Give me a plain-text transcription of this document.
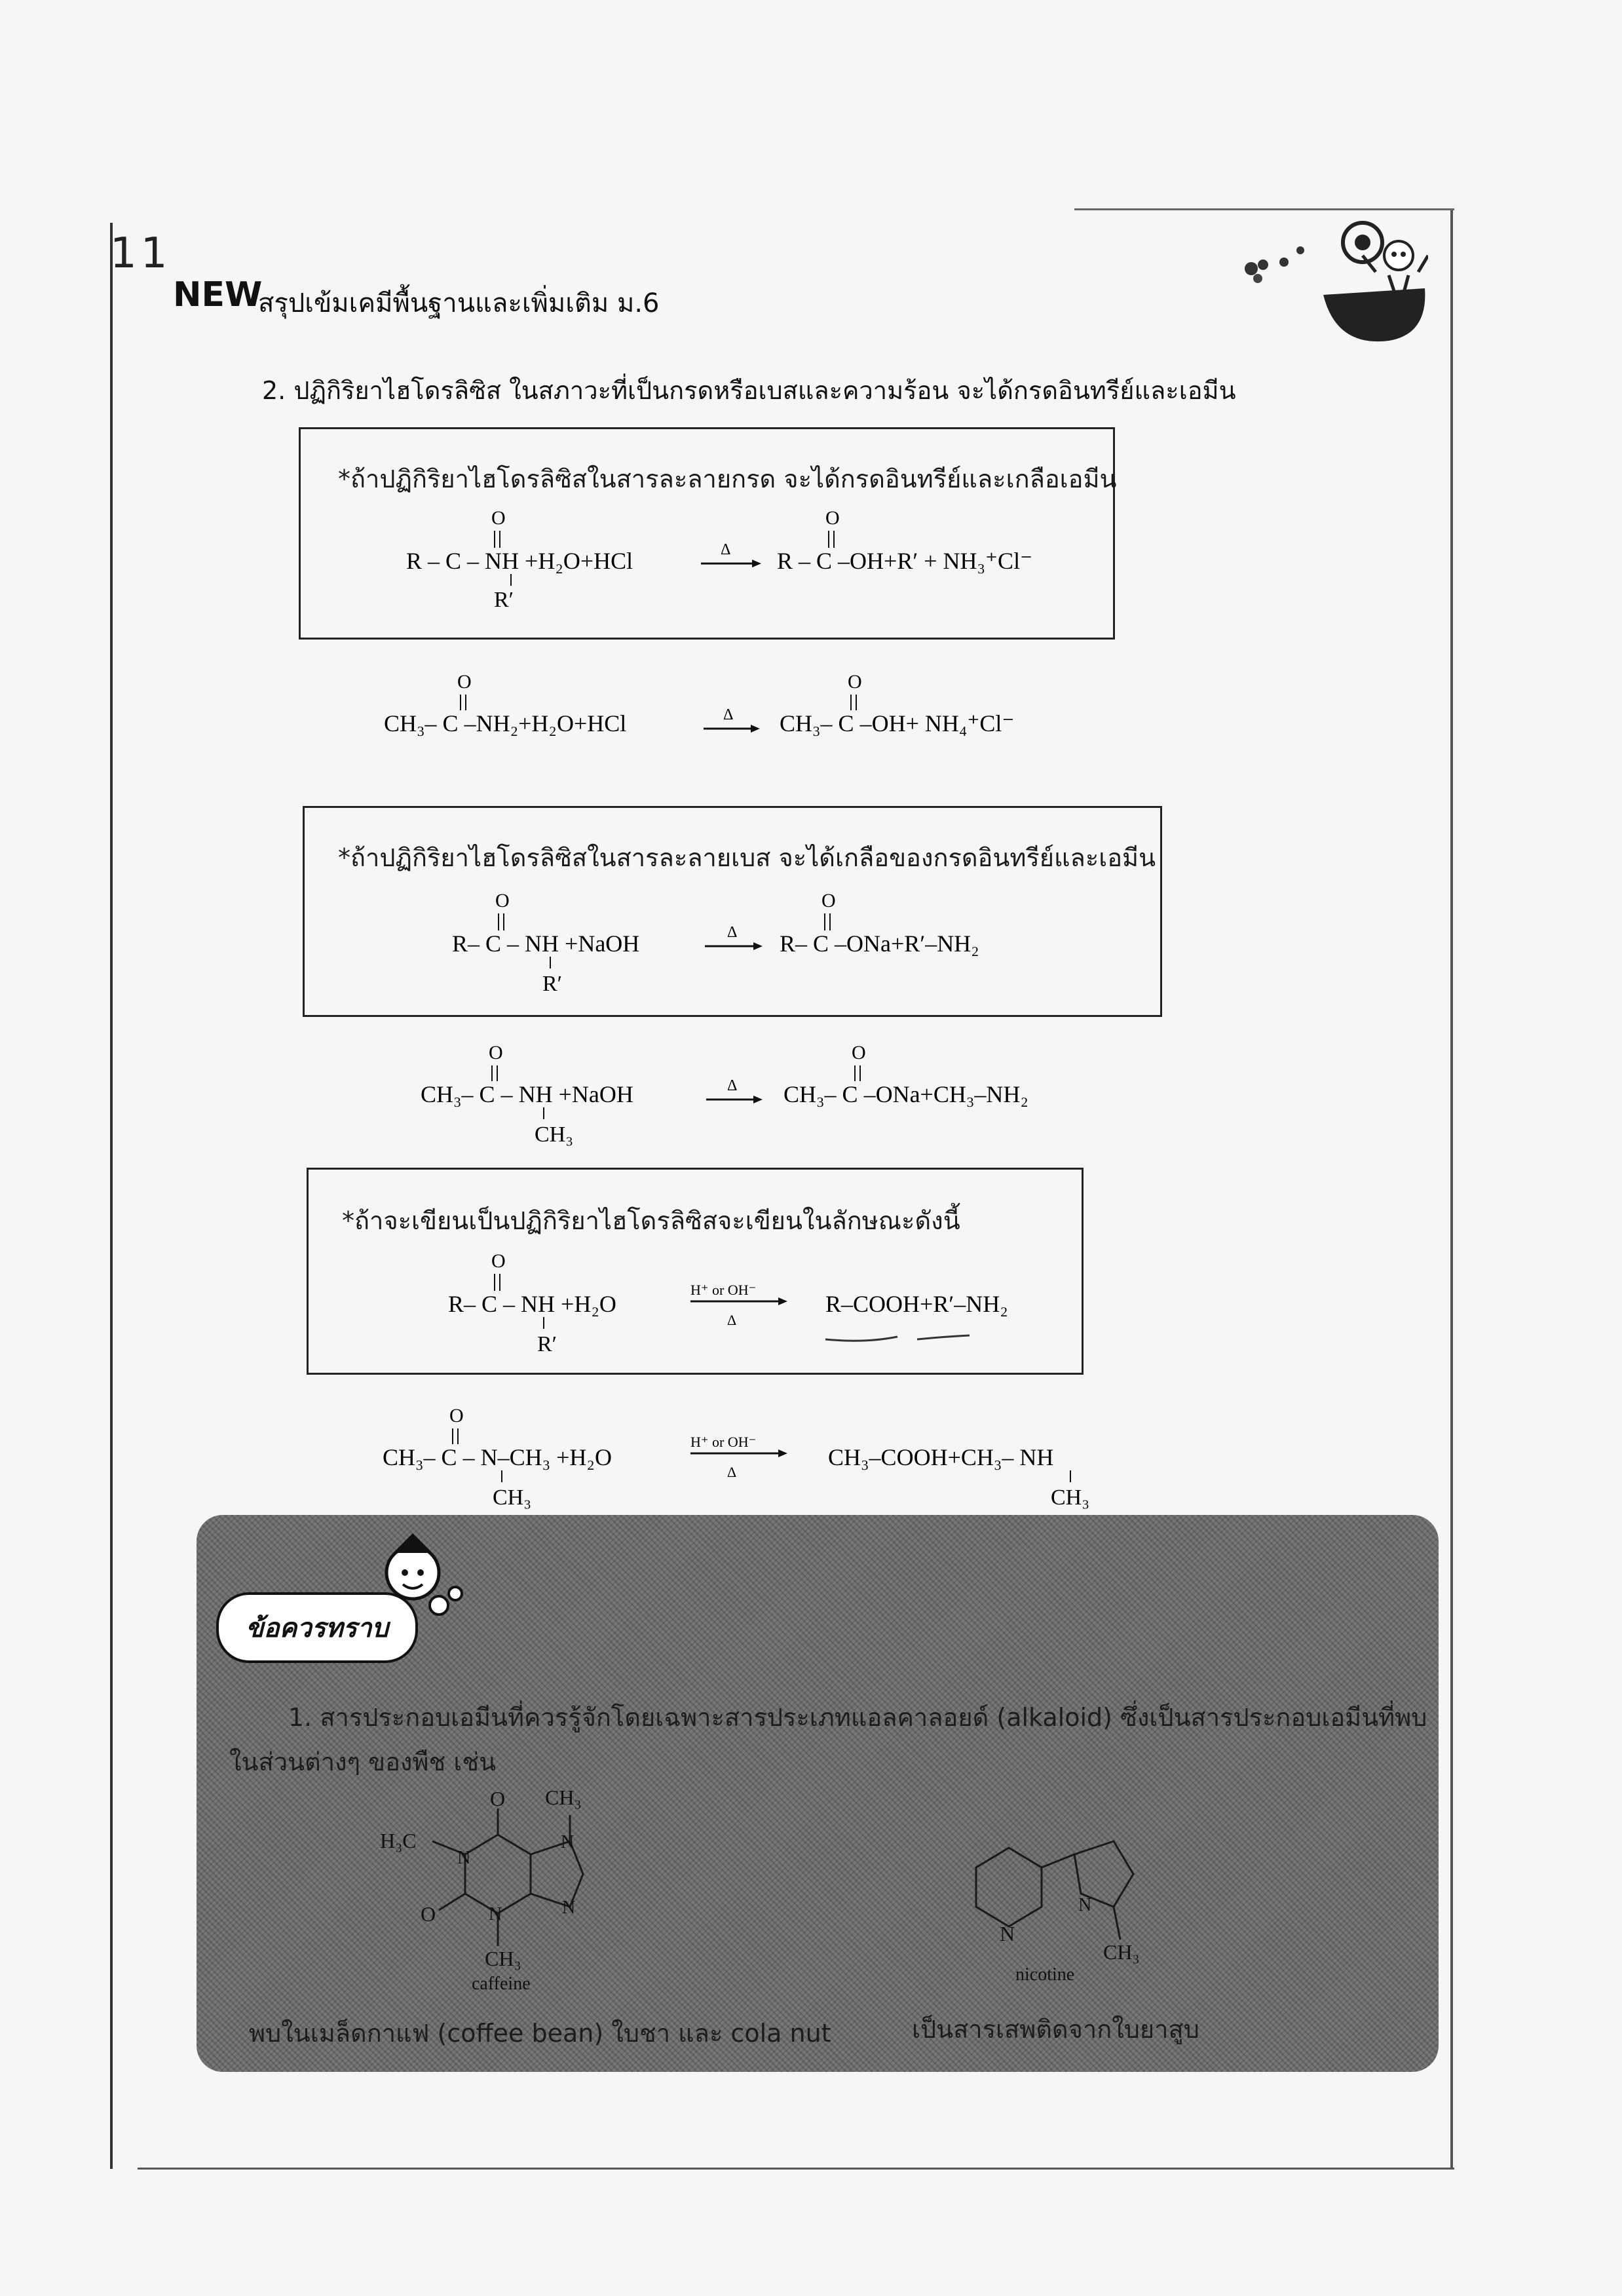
11
NEW
สรุปเข้มเคมีพื้นฐานและเพิ่มเติม ม.6
2. ปฏิกิริยาไฮโดรลิซิส ในสภาวะที่เป็นกรดหรือเบสและความร้อน จะได้กรดอินทรีย์และเอมีน
*ถ้าปฏิกิริยาไฮโดรลิซิสในสารละลายกรด จะได้กรดอินทรีย์และเกลือเอมีน
O
R – C – NH +H₂O+HCl
R′
Δ
O
R – C –OH+R′ + NH₃⁺Cl⁻
O
CH₃– C –NH₂+H₂O+HCl	Δ
O
CH₃– C –OH+ NH₄⁺Cl⁻
*ถ้าปฏิกิริยาไฮโดรลิซิสในสารละลายเบส จะได้เกลือของกรดอินทรีย์และเอมีน
O
R– C – NH +NaOH
R′
Δ
O
R– C –ONa+R′–NH₂
O
CH₃– C – NH +NaOH
CH₃
Δ
O
CH₃– C –ONa+CH₃–NH₂
*ถ้าจะเขียนเป็นปฏิกิริยาไฮโดรลิซิสจะเขียนในลักษณะดังนี้
O
R– C – NH +H₂O
R′
H⁺ or OH⁻
Δ
R–COOH+R′–NH₂
O
CH₃– C – N–CH₃ +H₂O
CH₃
H⁺ or OH⁻
Δ
CH₃–COOH+CH₃– NH
CH₃
ข้อควรทราบ
1. สารประกอบเอมีนที่ควรรู้จักโดยเฉพาะสารประเภทแอลคาลอยด์ (alkaloid) ซึ่งเป็นสารประกอบเอมีนที่พบ
ในส่วนต่างๆ ของพืช เช่น
H₃C
O CH₃
N
N
N
N
O
CH₃
caffeine
N
N
CH₃
nicotine
พบในเมล็ดกาแฟ (coffee bean) ใบชา และ cola nut	เป็นสารเสพติดจากใบยาสูบ
